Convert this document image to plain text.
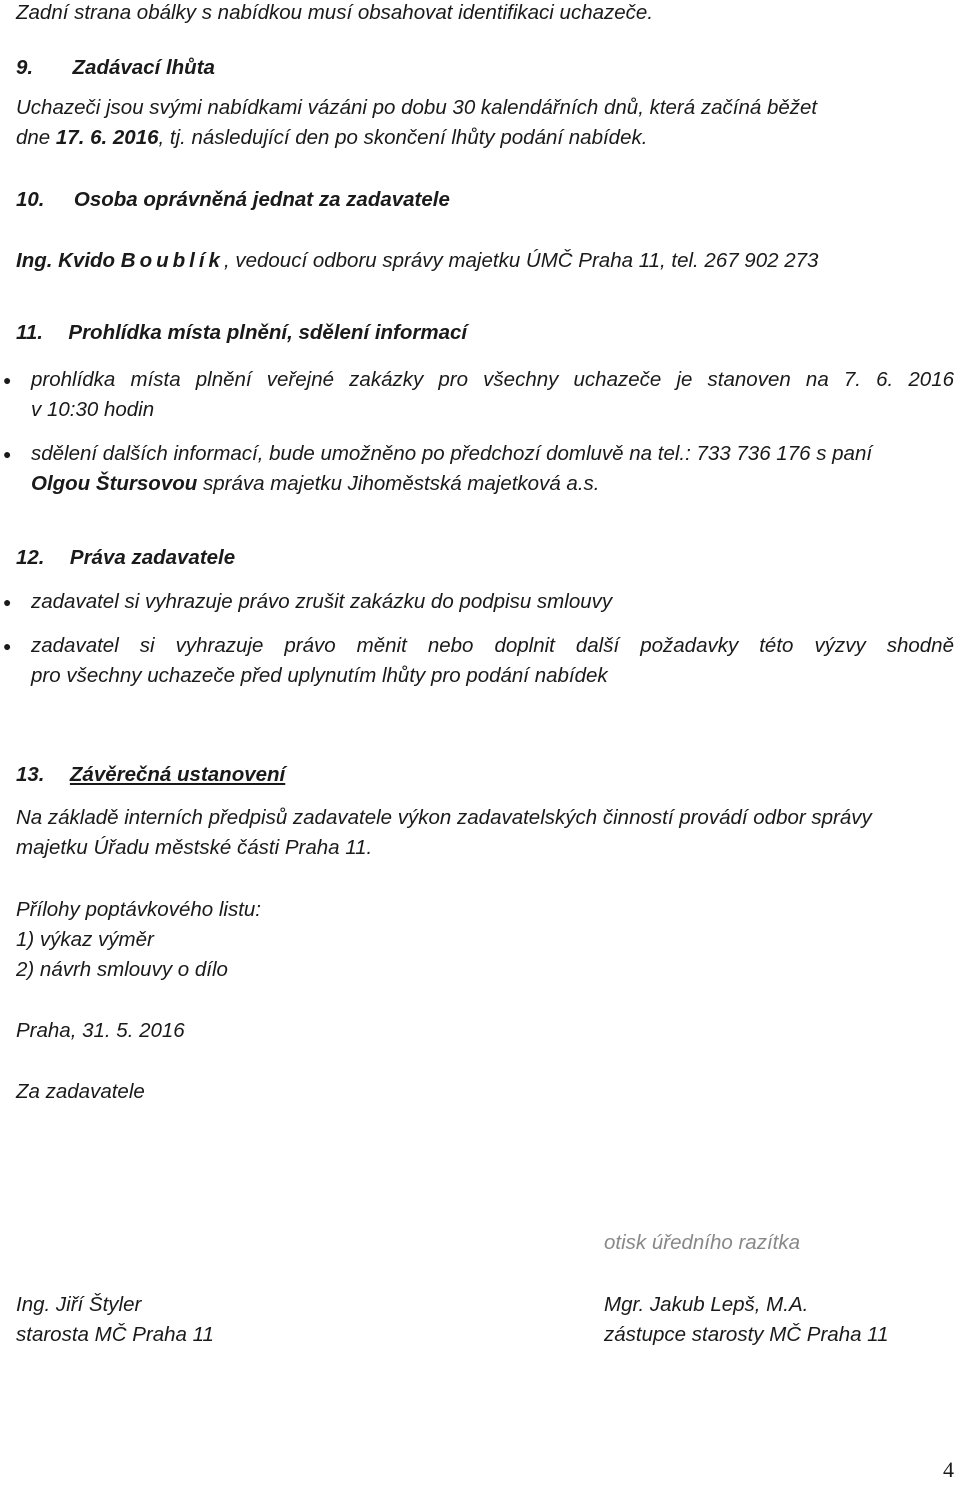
Zadní strana obálky s nabídkou musí obsahovat identifikaci uchazeče.
9. Zadávací lhůta
Uchazeči jsou svými nabídkami vázáni po dobu 30 kalendářních dnů, která začíná běžet
dne 17. 6. 2016, tj. následující den po skončení lhůty podání nabídek.
10. Osoba oprávněná jednat za zadavatele
Ing. Kvido Boublík, vedoucí odboru správy majetku ÚMČ Praha 11, tel. 267 902 273
11. Prohlídka místa plnění, sdělení informací
● prohlídka místa plnění veřejné zakázky pro všechny uchazeče je stanoven na 7. 6. 2016
v 10:30 hodin
● sdělení dalších informací, bude umožněno po předchozí domluvě na tel.: 733 736 176 s paní
Olgou Štursovou správa majetku Jihoměstská majetková a.s.
12. Práva zadavatele
● zadavatel si vyhrazuje právo zrušit zakázku do podpisu smlouvy
● zadavatel si vyhrazuje právo měnit nebo doplnit další požadavky této výzvy shodně
pro všechny uchazeče před uplynutím lhůty pro podání nabídek
13. Závěrečná ustanovení
Na základě interních předpisů zadavatele výkon zadavatelských činností provádí odbor správy
majetku Úřadu městské části Praha 11.
Přílohy poptávkového listu:
1) výkaz výměr
2) návrh smlouvy o dílo
Praha, 31. 5. 2016
Za zadavatele
otisk úředního razítka
Ing. Jiří Štyler
starosta MČ Praha 11
Mgr. Jakub Lepš, M.A.
zástupce starosty MČ Praha 11
4
